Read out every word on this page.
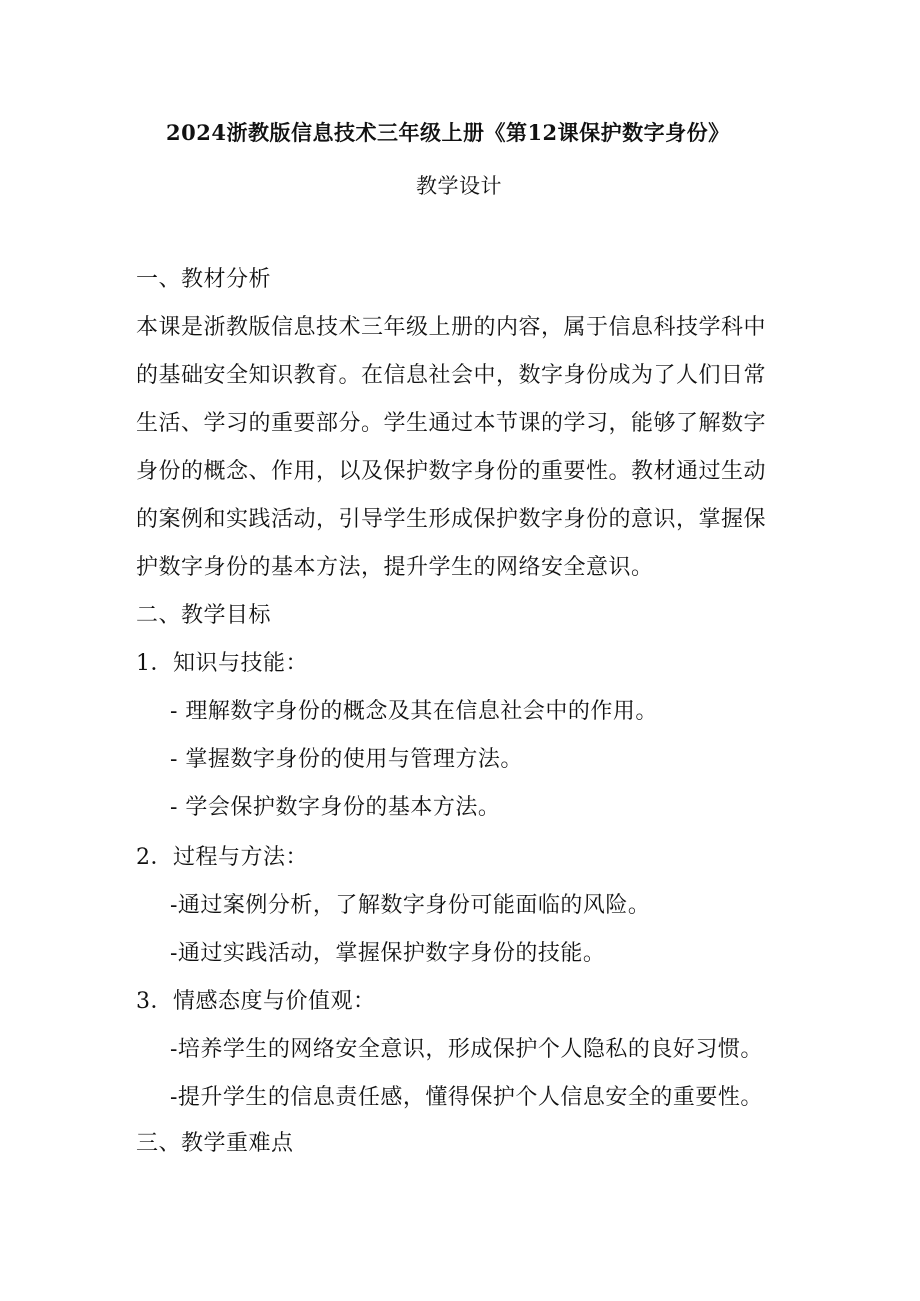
2024浙教版信息技术三年级上册《第12课保护数字身份》
教学设计
一、教材分析
本课是浙教版信息技术三年级上册的内容，属于信息科技学科中
的基础安全知识教育。在信息社会中，数字身份成为了人们日常
生活、学习的重要部分。学生通过本节课的学习，能够了解数字
身份的概念、作用，以及保护数字身份的重要性。教材通过生动
的案例和实践活动，引导学生形成保护数字身份的意识，掌握保
护数字身份的基本方法，提升学生的网络安全意识。
二、教学目标
1．知识与技能：
- 理解数字身份的概念及其在信息社会中的作用。
- 掌握数字身份的使用与管理方法。
- 学会保护数字身份的基本方法。
2．过程与方法：
-通过案例分析，了解数字身份可能面临的风险。
-通过实践活动，掌握保护数字身份的技能。
3．情感态度与价值观：
-培养学生的网络安全意识，形成保护个人隐私的良好习惯。
-提升学生的信息责任感，懂得保护个人信息安全的重要性。
三、教学重难点
